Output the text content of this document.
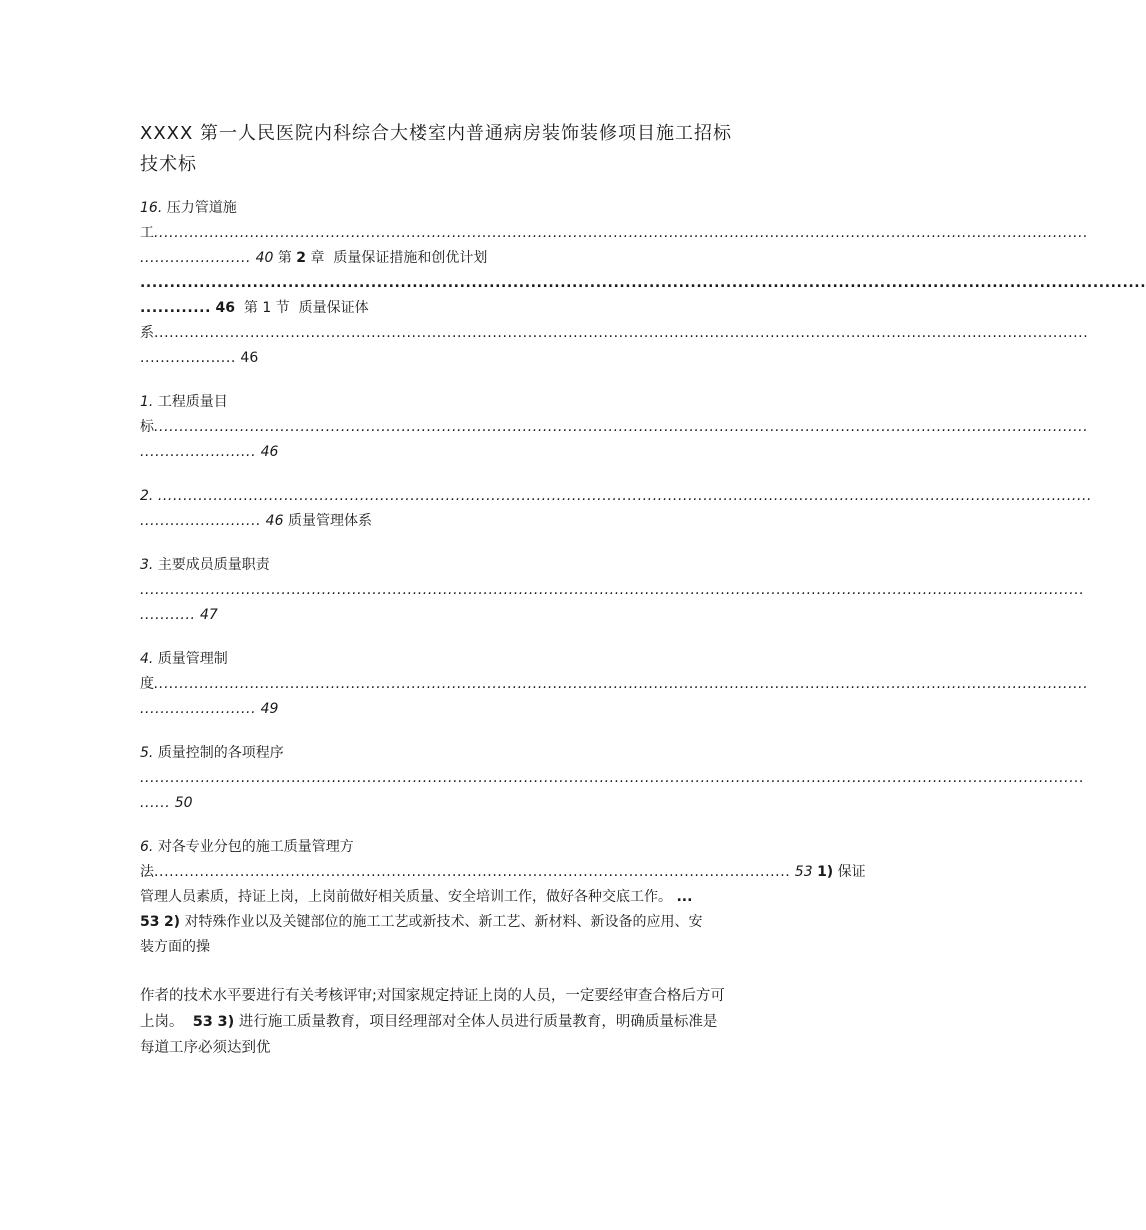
XXXX 第一人民医院内科综合大楼室内普通病房装饰装修项目施工招标
技术标
16. 压力管道施
工.........................................................................................................................................................................................
...................... 40 第 2 章 质量保证措施和创优计划
..........................................................................................................................................................................
............ 46 第 1 节 质量保证体
系.........................................................................................................................................................................................
................... 46
1. 工程质量目
标.........................................................................................................................................................................................
....................... 46
2. .........................................................................................................................................................................................
........................ 46 质量管理体系
3. 主要成员质量职责
...........................................................................................................................................................................................
........... 47
4. 质量管理制
度.........................................................................................................................................................................................
....................... 49
5. 质量控制的各项程序
...........................................................................................................................................................................................
...... 50
6. 对各专业分包的施工质量管理方
法.............................................................................................................................. 53 1) 保证
管理人员素质，持证上岗，上岗前做好相关质量、安全培训工作，做好各种交底工作。 ...
53 2) 对特殊作业以及关键部位的施工工艺或新技术、新工艺、新材料、新设备的应用、安
装方面的操
作者的技术水平要进行有关考核评审;对国家规定持证上岗的人员，一定要经审查合格后方可
上岗。 53 3) 进行施工质量教育，项目经理部对全体人员进行质量教育，明确质量标准是
每道工序必须达到优
